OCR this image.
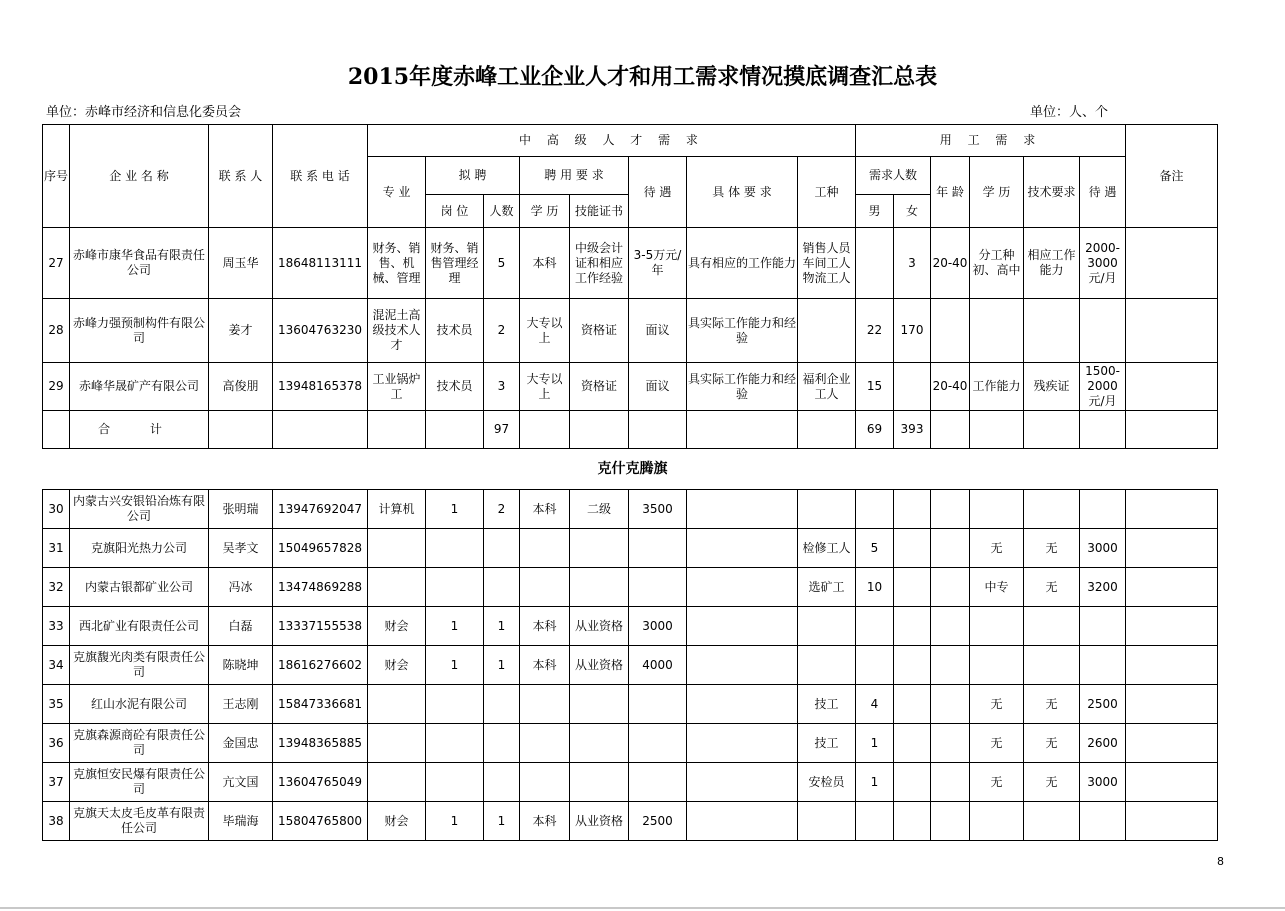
2015年度赤峰工业企业人才和用工需求情况摸底调查汇总表
单位：赤峰市经济和信息化委员会	单位：人、个
序号	企 业 名 称	联 系 人	联 系 电 话	中 高 级 人 才 需 求								用 工 需 求						备注
				专 业	拟 聘		聘 用 要 求		待 遇	具 体 要 求	工种	需求人数		年 龄	学 历	技术要求	待 遇	
					岗 位	人数	学 历	技能证书				男	女					
27	赤峰市康华食品有限责任公司	周玉华	18648113111	财务、销售、机械、管理	财务、销售管理经理	5	本科	中级会计证和相应工作经验	3-5万元/年	具有相应的工作能力	销售人员车间工人物流工人		3	20-40	分工种初、高中	相应工作能力	2000-3000元/月	
28	赤峰力强预制构件有限公司	姜才	13604763230	混泥土高级技术人才	技术员	2	大专以上	资格证	面议	具实际工作能力和经验		22	170					
29	赤峰华晟矿产有限公司	高俊朋	13948165378	工业锅炉工	技术员	3	大专以上	资格证	面议	具实际工作能力和经验	福利企业工人	15		20-40	工作能力	残疾证	1500-2000元/月	
	合 计					97						69	393					
克什克腾旗
30	内蒙古兴安银铅冶炼有限公司	张明瑞	13947692047	计算机	1	2	本科	二级	3500									
31	克旗阳光热力公司	吴孝文	15049657828								检修工人	5			无	无	3000	
32	内蒙古银都矿业公司	冯冰	13474869288								选矿工	10			中专	无	3200	
33	西北矿业有限责任公司	白磊	13337155538	财会	1	1	本科	从业资格	3000									
34	克旗馥光肉类有限责任公司	陈晓坤	18616276602	财会	1	1	本科	从业资格	4000									
35	红山水泥有限公司	王志刚	15847336681								技工	4			无	无	2500	
36	克旗森源商砼有限责任公司	金国忠	13948365885								技工	1			无	无	2600	
37	克旗恒安民爆有限责任公司	亢文国	13604765049								安检员	1			无	无	3000	
38	克旗天太皮毛皮革有限责任公司	毕瑞海	15804765800	财会	1	1	本科	从业资格	2500									
8
